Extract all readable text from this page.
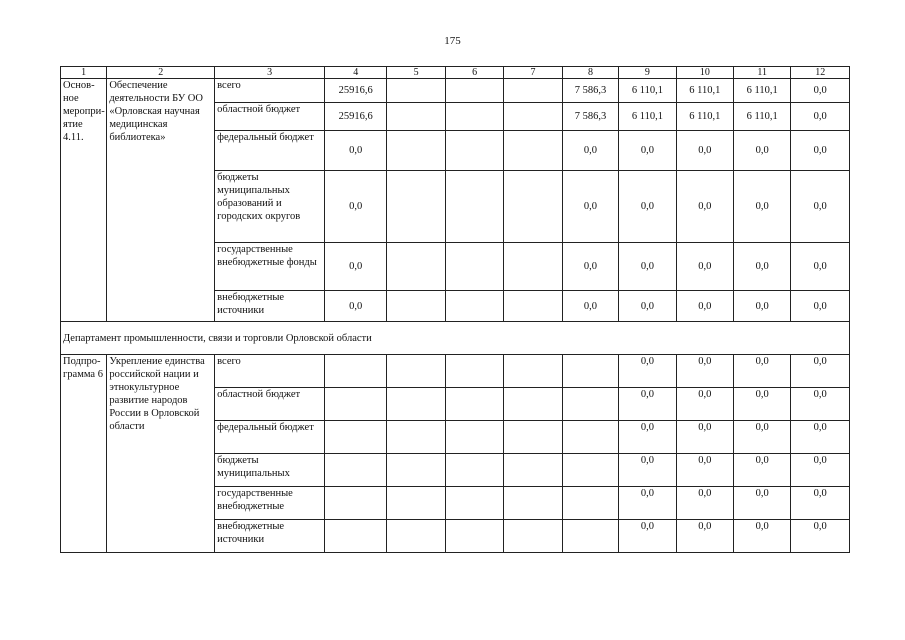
175
1	2	3	4	5	6	7	8	9	10	11	12
Основ-ное меропри-ятие 4.11.	Обеспечение деятельности БУ ОО «Орловская научная медицинская библиотека»	всего	25916,6				7 586,3	6 110,1	6 110,1	6 110,1	0,0
		областной бюджет	25916,6				7 586,3	6 110,1	6 110,1	6 110,1	0,0
		федеральный бюджет	0,0				0,0	0,0	0,0	0,0	0,0
		бюджеты муниципальных образований и городских округов	0,0				0,0	0,0	0,0	0,0	0,0
		государственные внебюджетные фонды	0,0				0,0	0,0	0,0	0,0	0,0
		внебюджетные источники	0,0				0,0	0,0	0,0	0,0	0,0
Департамент промышленности, связи и торговли Орловской области											
Подпро-грамма 6	Укрепление единства российской нации и этнокультурное развитие народов России в Орловской области	всего						0,0	0,0	0,0	0,0
		областной бюджет						0,0	0,0	0,0	0,0
		федеральный бюджет						0,0	0,0	0,0	0,0
		бюджеты муниципальных						0,0	0,0	0,0	0,0
		государственные внебюджетные						0,0	0,0	0,0	0,0
		внебюджетные источники						0,0	0,0	0,0	0,0
